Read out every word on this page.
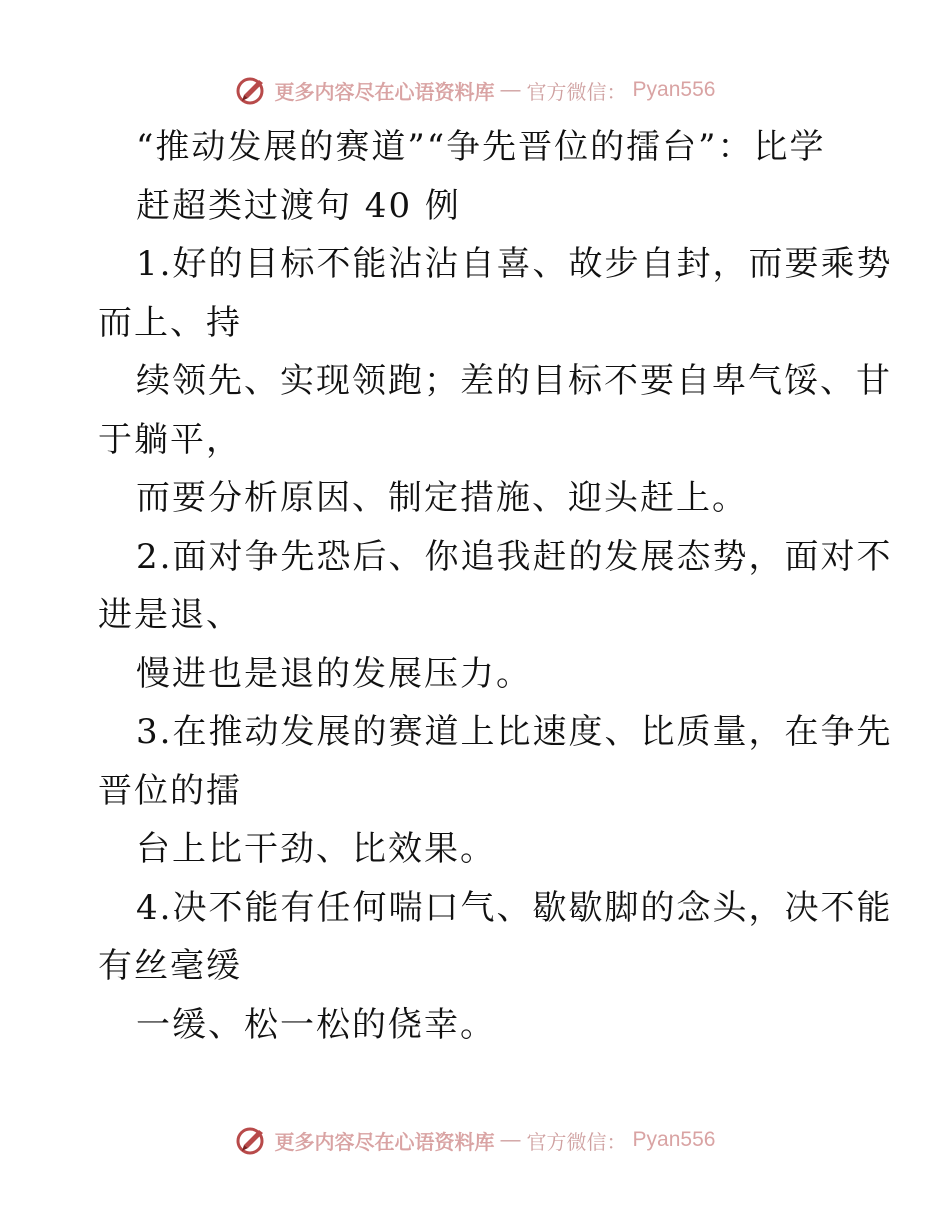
更多内容尽在心语资料库 — 官方微信： Pyan556
“推动发展的赛道”“争先晋位的擂台”：比学
赶超类过渡句 40 例
1.好的目标不能沾沾自喜、故步自封，而要乘势
而上、持
续领先、实现领跑；差的目标不要自卑气馁、甘
于躺平，
而要分析原因、制定措施、迎头赶上。
2.面对争先恐后、你追我赶的发展态势，面对不
进是退、
慢进也是退的发展压力。
3.在推动发展的赛道上比速度、比质量，在争先
晋位的擂
台上比干劲、比效果。
4.决不能有任何喘口气、歇歇脚的念头，决不能
有丝毫缓
一缓、松一松的侥幸。
更多内容尽在心语资料库 — 官方微信： Pyan556
